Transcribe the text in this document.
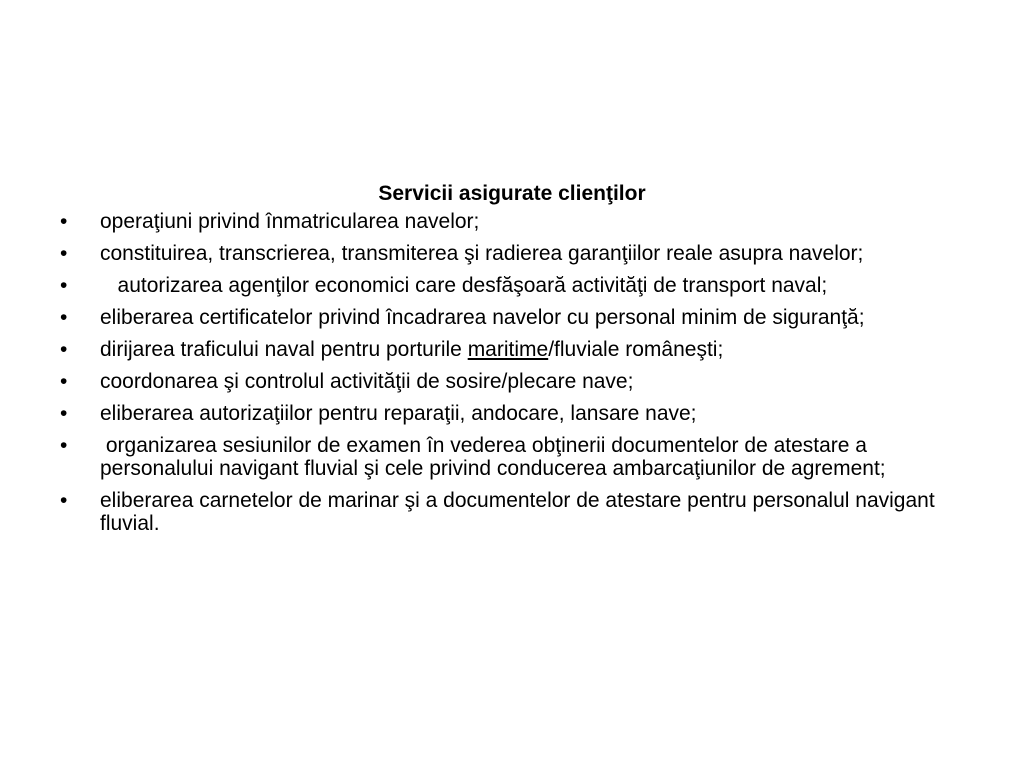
Servicii asigurate clienţilor
•	operaţiuni privind înmatricularea navelor;
•	constituirea, transcrierea, transmiterea şi radierea garanţiilor reale asupra navelor;
•	autorizarea agenţilor economici care desfăşoară activităţi de transport naval;
•	eliberarea certificatelor privind încadrarea navelor cu personal minim de siguranţă;
•	dirijarea traficului naval pentru porturile maritime/fluviale româneşti;
•	coordonarea şi controlul activităţii de sosire/plecare nave;
•	eliberarea autorizaţiilor pentru reparaţii, andocare, lansare nave;
•	organizarea sesiunilor de examen în vederea obţinerii documentelor de atestare a personalului navigant fluvial şi cele privind conducerea ambarcaţiunilor de agrement;
•	eliberarea carnetelor de marinar şi a documentelor de atestare pentru personalul navigant fluvial.
